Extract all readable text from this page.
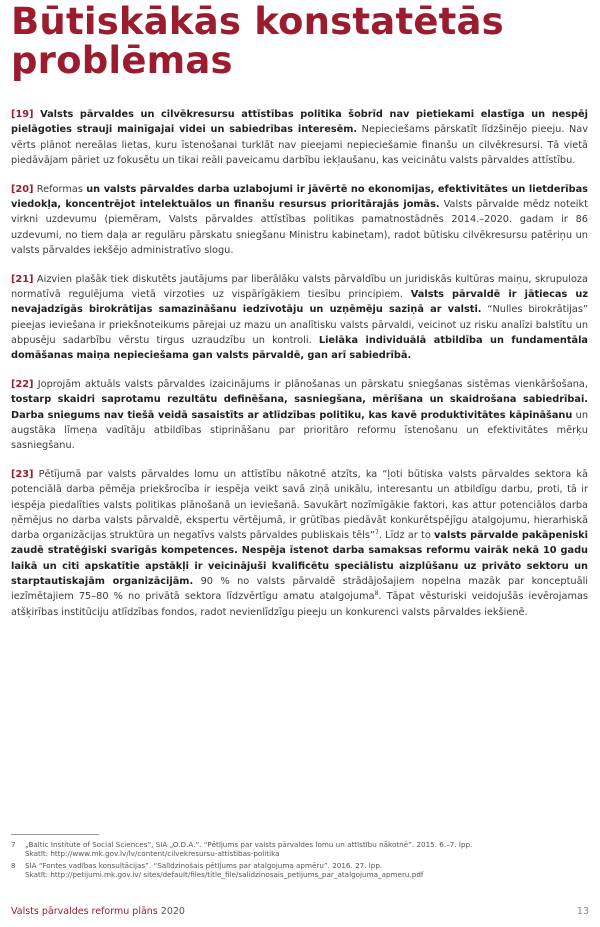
Būtiskākās konstatētās problēmas

[19] Valsts pārvaldes un cilvēkresursu attīstības politika šobrīd nav pietiekami elastīga un nespēj pielāgoties strauji mainīgajai videi un sabiedrības interesēm. Nepieciešams pārskatīt līdzšinējo pieeju. Nav vērts plānot nereālas lietas, kuru īstenošanai turklāt nav pieejami nepieciešamie finanšu un cilvēkresursi. Tā vietā piedāvājam pāriet uz fokusētu un tikai reāli paveicamu darbību iekļaušanu, kas veicinātu valsts pārvaldes attīstību.

[20] Reformas un valsts pārvaldes darba uzlabojumi ir jāvērtē no ekonomijas, efektivitātes un lietderības viedokļa, koncentrējot intelektuālos un finanšu resursus prioritārajās jomās. Valsts pārvalde mēdz noteikt virkni uzdevumu (piemēram, Valsts pārvaldes attīstības politikas pamatnostādnēs 2014.–2020. gadam ir 86 uzdevumi, no tiem daļa ar regulāru pārskatu sniegšanu Ministru kabinetam), radot būtisku cilvēkresursu patēriņu un valsts pārvaldes iekšējo administratīvo slogu.

[21] Aizvien plašāk tiek diskutēts jautājums par liberālāku valsts pārvaldību un juridiskās kultūras maiņu, skrupuloza normatīvā regulējuma vietā virzoties uz vispārīgākiem tiesību principiem. Valsts pārvaldē ir jātiecas uz nevajadzīgās birokrātijas samazināšanu iedzīvotāju un uzņēmēju saziņā ar valsti. “Nulles birokrātijas” pieejas ieviešana ir priekšnoteikums pārejai uz mazu un analītisku valsts pārvaldi, veicinot uz risku analīzi balstītu un abpusēju sadarbību vērstu tirgus uzraudzību un kontroli. Lielāka individuālā atbildība un fundamentāla domāšanas maiņa nepieciešama gan valsts pārvaldē, gan arī sabiedrībā.

[22] Joprojām aktuāls valsts pārvaldes izaicinājums ir plānošanas un pārskatu sniegšanas sistēmas vienkāršošana, tostarp skaidri saprotamu rezultātu definēšana, sasniegšana, mērīšana un skaidrošana sabiedrībai. Darba sniegums nav tiešā veidā sasaistīts ar atlīdzības politiku, kas kavē produktivitātes kāpināšanu un augstāka līmeņa vadītāju atbildības stiprināšanu par prioritāro reformu īstenošanu un efektivitātes mērķu sasniegšanu.

[23] Pētījumā par valsts pārvaldes lomu un attīstību nākotnē atzīts, ka “ļoti būtiska valsts pārvaldes sektora kā potenciālā darba pēmēja priekšrocība ir iespēja veikt savā ziņā unikālu, interesantu un atbildīgu darbu, proti, tā ir iespēja piedalīties valsts politikas plānošanā un ieviešanā. Savukārt nozīmīgākie faktori, kas attur potenciālos darba ņēmējus no darba valsts pārvaldē, ekspertu vērtējumā, ir grūtības piedāvāt konkurētspējīgu atalgojumu, hierarhiskā darba organizācijas struktūra un negatīvs valsts pārvaldes publiskais tēls”$^7$. Līdz ar to valsts pārvalde pakāpeniski zaudē stratēģiski svarīgās kompetences. Nespēja īstenot darba samaksas reformu vairāk nekā 10 gadu laikā un citi apskatītie apstākļi ir veicinājuši kvalificētu speciālistu aizplūšanu uz privāto sektoru un starptautiskajām organizācijām. 90 % no valsts pārvaldē strādājošajiem nopelna mazāk par konceptuāli iezīmētajiem 75–80 % no privātā sektora līdzvērtīgu amatu atalgojuma$^8$. Tāpat vēsturiski veidojušās ievērojamas atšķirības institūciju atlīdzības fondos, radot nevienlīdzīgu pieeju un konkurenci valsts pārvaldes iekšienē.

7	„Baltic Institute of Social Sciences”, SIA „O.D.A.”. “Pētījums par valsts pārvaldes lomu un attīstību nākotnē”. 2015. 6.–7. lpp.
Skatīt: http://www.mk.gov.lv/lv/content/cilvekresursu-attistibas-politika
8	SIA “Fontes vadības konsultācijas”. “Salīdzinošais pētījums par atalgojuma apmēru”. 2016. 27. lpp.
Skatīt: http://petijumi.mk.gov.lv/ sites/default/files/title_file/salidzinosais_petijums_par_atalgojuma_apmeru.pdf
Valsts pārvaldes reformu plāns 2020	13
